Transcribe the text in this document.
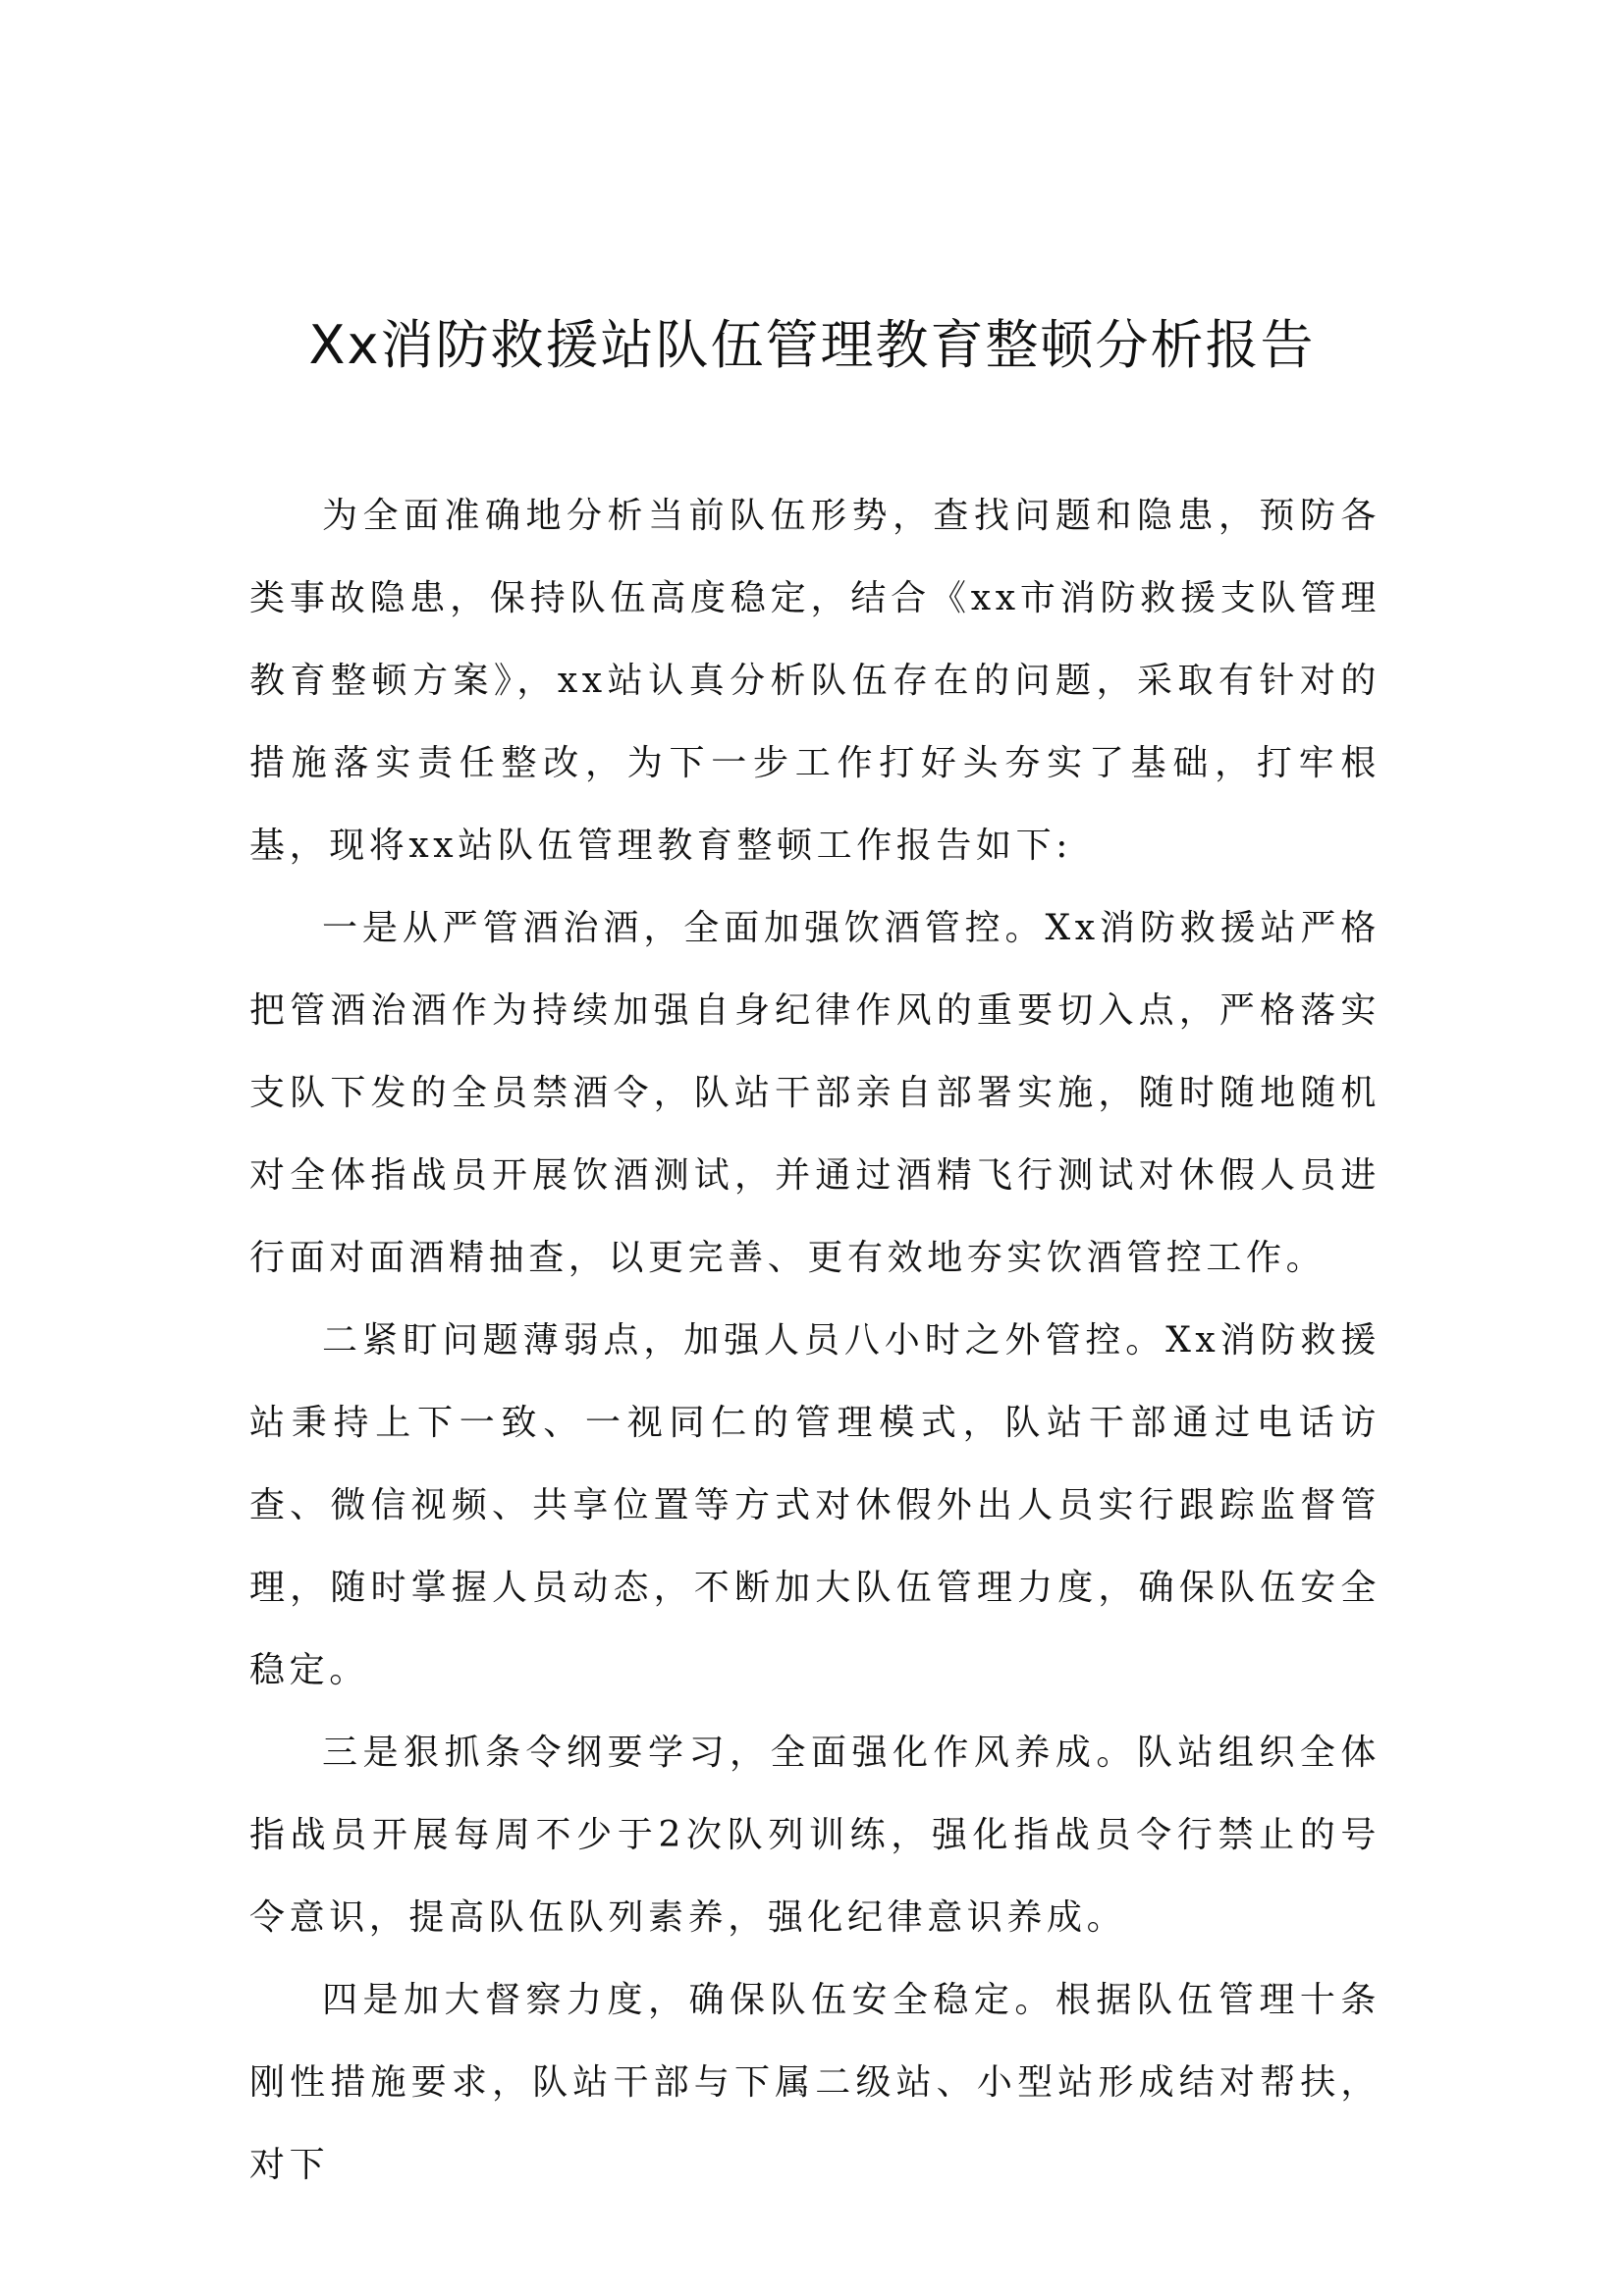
Xx消防救援站队伍管理教育整顿分析报告

为全面准确地分析当前队伍形势，查找问题和隐患，预防各类事故隐患，保持队伍高度稳定，结合《xx市消防救援支队管理教育整顿方案》，xx站认真分析队伍存在的问题，采取有针对的措施落实责任整改，为下一步工作打好头夯实了基础，打牢根基，现将xx站队伍管理教育整顿工作报告如下:

一是从严管酒治酒，全面加强饮酒管控。Xx消防救援站严格把管酒治酒作为持续加强自身纪律作风的重要切入点，严格落实支队下发的全员禁酒令，队站干部亲自部署实施，随时随地随机对全体指战员开展饮酒测试，并通过酒精飞行测试对休假人员进行面对面酒精抽查，以更完善、更有效地夯实饮酒管控工作。

二紧盯问题薄弱点，加强人员八小时之外管控。Xx消防救援站秉持上下一致、一视同仁的管理模式，队站干部通过电话访查、微信视频、共享位置等方式对休假外出人员实行跟踪监督管理，随时掌握人员动态，不断加大队伍管理力度，确保队伍安全稳定。

三是狠抓条令纲要学习，全面强化作风养成。队站组织全体指战员开展每周不少于2次队列训练，强化指战员令行禁止的号令意识，提高队伍队列素养，强化纪律意识养成。

四是加大督察力度，确保队伍安全稳定。根据队伍管理十条刚性措施要求，队站干部与下属二级站、小型站形成结对帮扶，对下
